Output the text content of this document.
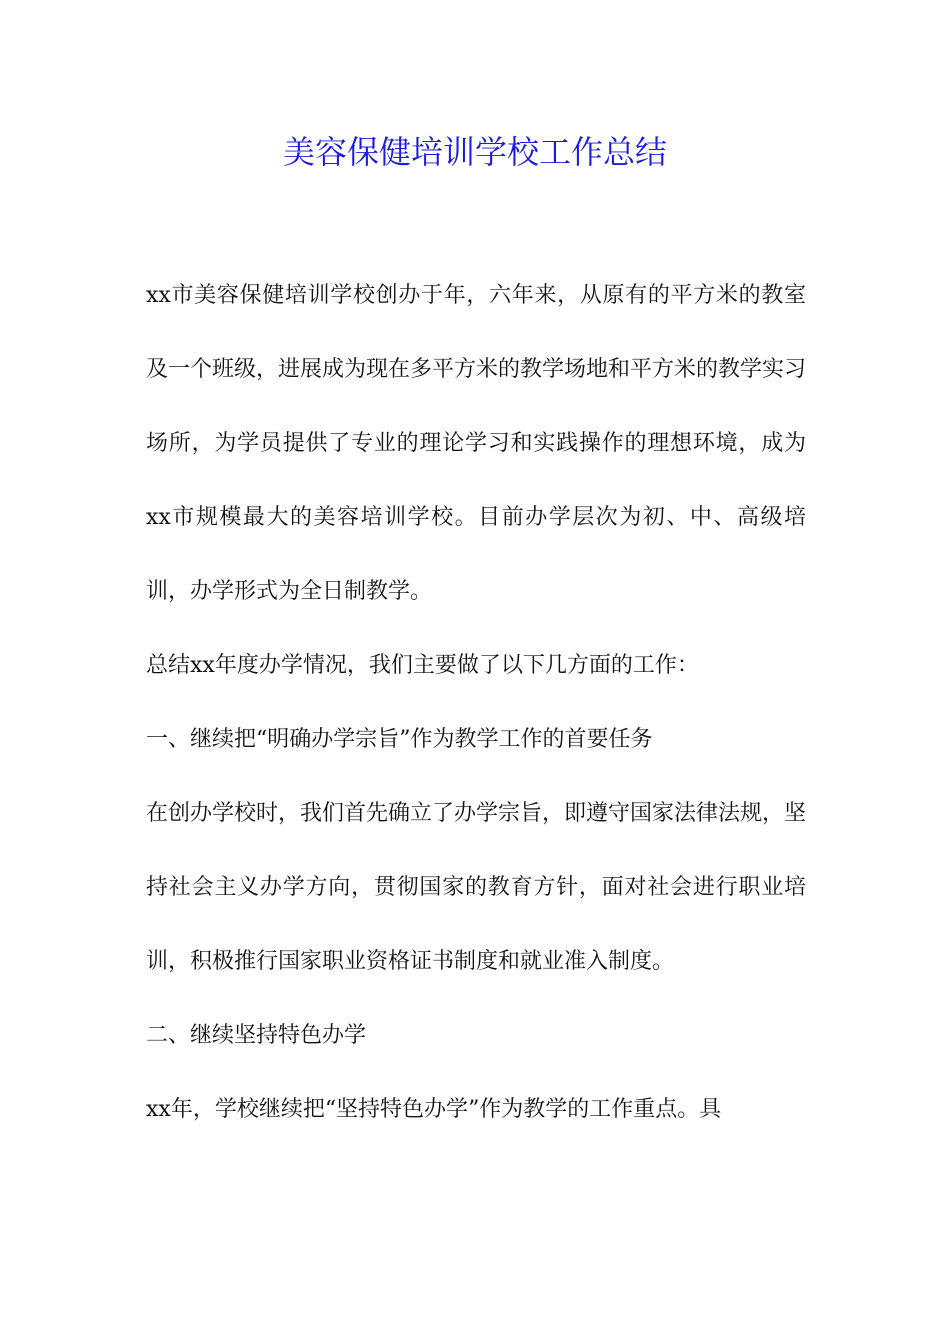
美容保健培训学校工作总结

xx市美容保健培训学校创办于年，六年来，从原有的平方米的教室及一个班级，进展成为现在多平方米的教学场地和平方米的教学实习场所，为学员提供了专业的理论学习和实践操作的理想环境，成为xx市规模最大的美容培训学校。目前办学层次为初、中、高级培训，办学形式为全日制教学。

总结xx年度办学情况，我们主要做了以下几方面的工作：

一、继续把“明确办学宗旨”作为教学工作的首要任务

在创办学校时，我们首先确立了办学宗旨，即遵守国家法律法规，坚持社会主义办学方向，贯彻国家的教育方针，面对社会进行职业培训，积极推行国家职业资格证书制度和就业准入制度。

二、继续坚持特色办学

xx年，学校继续把“坚持特色办学”作为教学的工作重点。具
